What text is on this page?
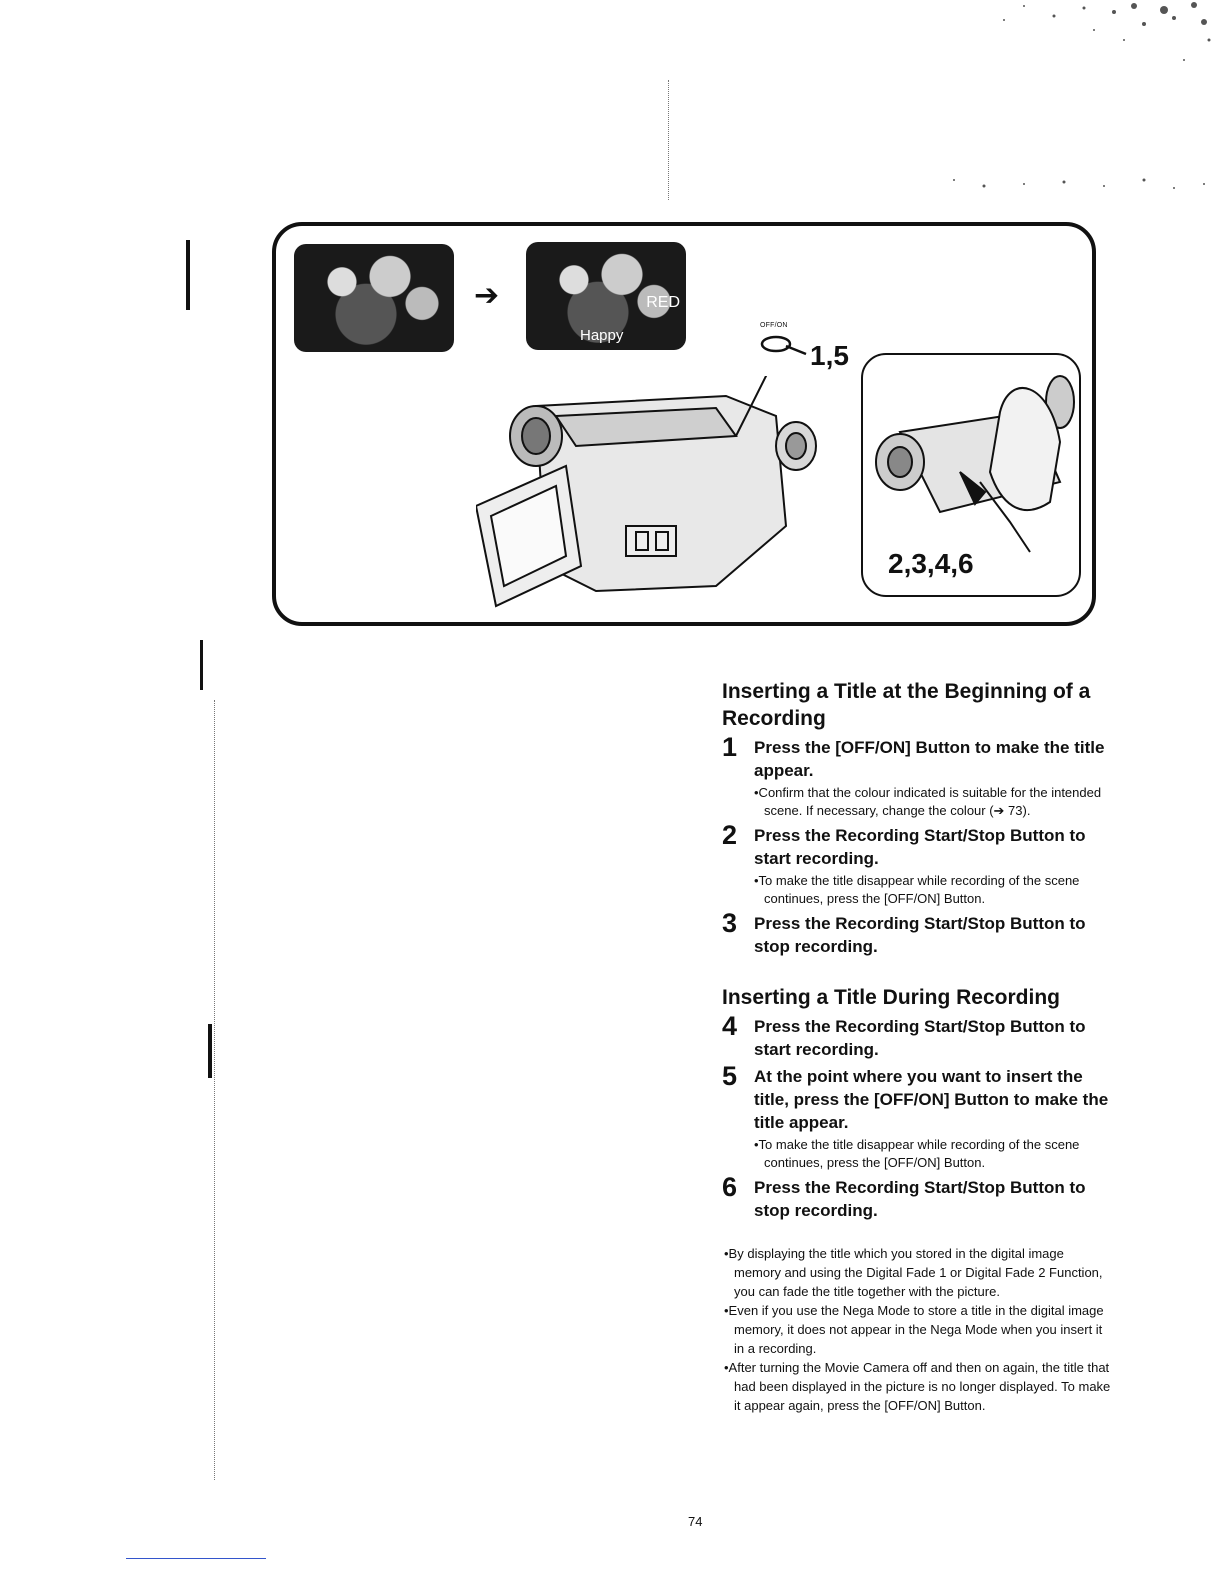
➔	RED
Happy
OFF/ON
1,5
2,3,4,6
Inserting a Title at the Beginning of a Recording
1 Press the [OFF/ON] Button to make the title appear.
•Confirm that the colour indicated is suitable for the intended scene. If necessary, change the colour (➔ 73).
2 Press the Recording Start/Stop Button to start recording.
•To make the title disappear while recording of the scene continues, press the [OFF/ON] Button.
3 Press the Recording Start/Stop Button to stop recording.
Inserting a Title During Recording
4 Press the Recording Start/Stop Button to start recording.
5 At the point where you want to insert the title, press the [OFF/ON] Button to make the title appear.
•To make the title disappear while recording of the scene continues, press the [OFF/ON] Button.
6 Press the Recording Start/Stop Button to stop recording.
•By displaying the title which you stored in the digital image memory and using the Digital Fade 1 or Digital Fade 2 Function, you can fade the title together with the picture.
•Even if you use the Nega Mode to store a title in the digital image memory, it does not appear in the Nega Mode when you insert it in a recording.
•After turning the Movie Camera off and then on again, the title that had been displayed in the picture is no longer displayed. To make it appear again, press the [OFF/ON] Button.
74
